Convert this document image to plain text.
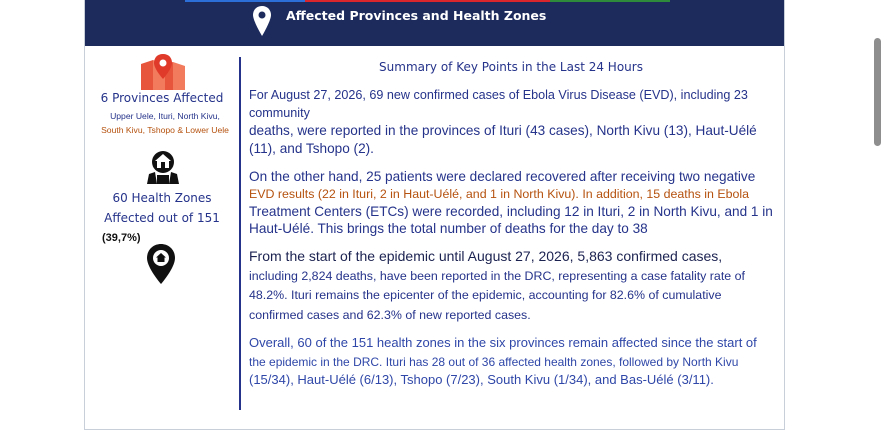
Affected Provinces and Health Zones
6 Provinces Affected
Upper Uele, Ituri, North Kivu,
South Kivu, Tshopo & Lower Uele
60 Health Zones
Affected out of 151
(39,7%)
Summary of Key Points in the Last 24 Hours

For August 27, 2026, 69 new confirmed cases of Ebola Virus Disease (EVD), including 23 community
deaths, were reported in the provinces of Ituri (43 cases), North Kivu (13), Haut-Uélé
(11), and Tshopo (2).

On the other hand, 25 patients were declared recovered after receiving two negative
EVD results (22 in Ituri, 2 in Haut-Uélé, and 1 in North Kivu). In addition, 15 deaths in Ebola
Treatment Centers (ETCs) were recorded, including 12 in Ituri, 2 in North Kivu, and 1 in
Haut-Uélé. This brings the total number of deaths for the day to 38

From the start of the epidemic until August 27, 2026, 5,863 confirmed cases,
including 2,824 deaths, have been reported in the DRC, representing a case fatality rate of
48.2%. Ituri remains the epicenter of the epidemic, accounting for 82.6% of cumulative
confirmed cases and 62.3% of new reported cases.

Overall, 60 of the 151 health zones in the six provinces remain affected since the start of
the epidemic in the DRC. Ituri has 28 out of 36 affected health zones, followed by North Kivu
(15/34), Haut-Uélé (6/13), Tshopo (7/23), South Kivu (1/34), and Bas-Uélé (3/11).
